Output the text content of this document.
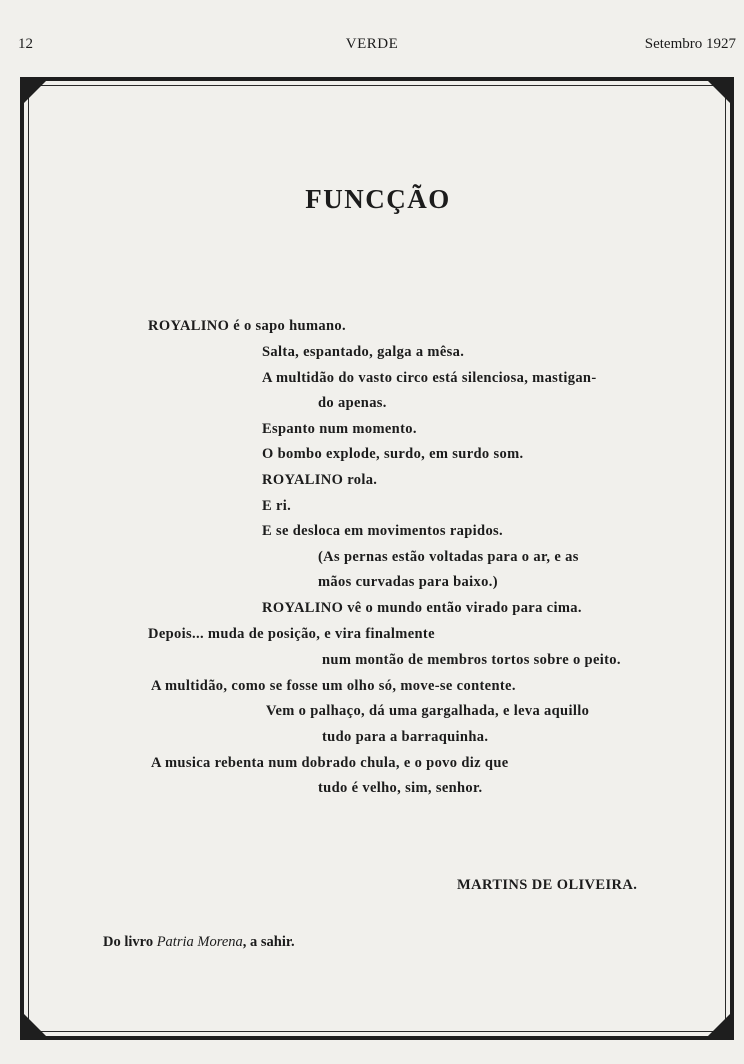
12	VERDE	Setembro 1927
FUNCÇÃO
ROYALINO é o sapo humano.
Salta, espantado, galga a mêsa.
A multidão do vasto circo está silenciosa, mastigan-
do apenas.
Espanto num momento.
O bombo explode, surdo, em surdo som.
ROYALINO rola.
E ri.
E se desloca em movimentos rapidos.
(As pernas estão voltadas para o ar, e as
mãos curvadas para baixo.)
ROYALINO vê o mundo então virado para cima.
Depois... muda de posição, e vira finalmente
num montão de membros tortos sobre o peito.
A multidão, como se fosse um olho só, move-se contente.
Vem o palhaço, dá uma gargalhada, e leva aquillo
tudo para a barraquinha.
A musica rebenta num dobrado chula, e o povo diz que
tudo é velho, sim, senhor.
MARTINS DE OLIVEIRA.
Do livro Patria Morena, a sahir.
